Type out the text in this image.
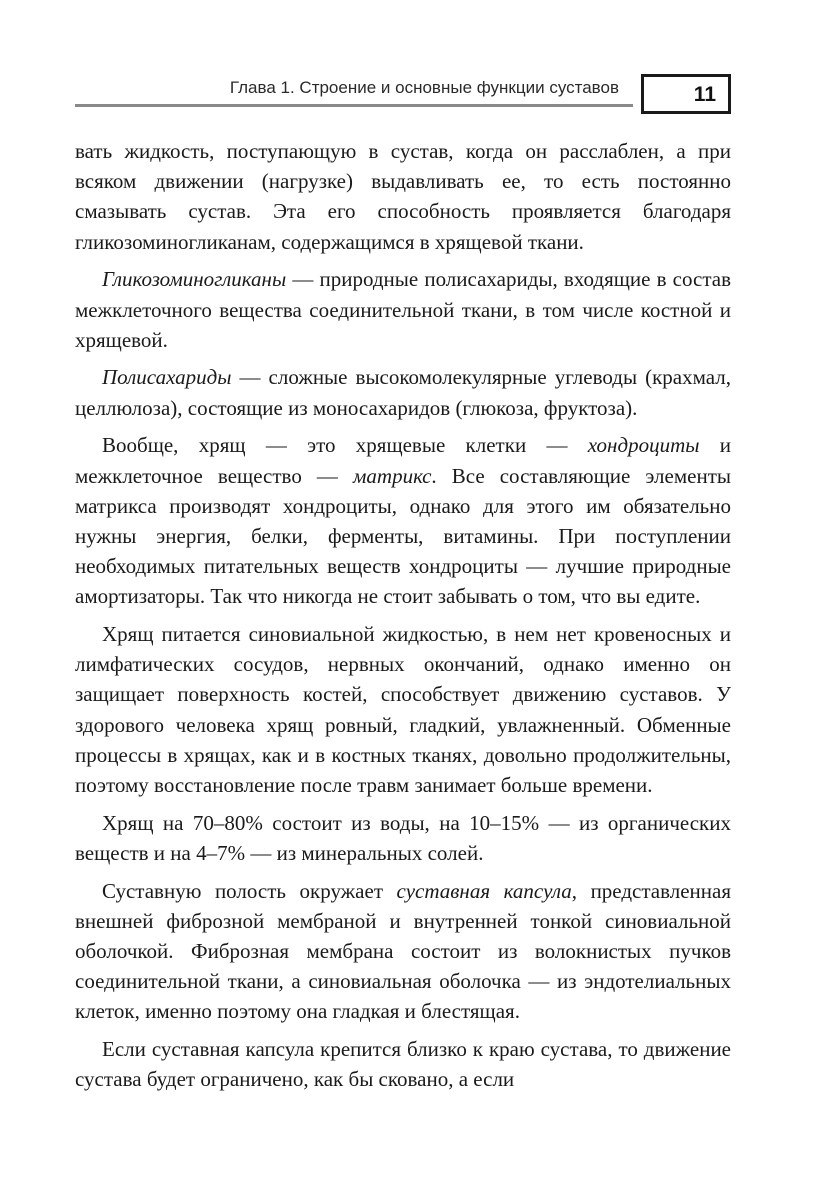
Глава 1. Строение и основные функции суставов	11

вать жидкость, поступающую в сустав, когда он расслаблен, а при всяком движении (нагрузке) выдавливать ее, то есть постоянно смазывать сустав. Эта его способность проявляется благодаря гликозоминогликанам, содержащимся в хрящевой ткани.

Гликозоминогликаны — природные полисахариды, входящие в состав межклеточного вещества соединительной ткани, в том числе костной и хрящевой.

Полисахариды — сложные высокомолекулярные углеводы (крахмал, целлюлоза), состоящие из моносахаридов (глюкоза, фруктоза).

Вообще, хрящ — это хрящевые клетки — хондроциты и межклеточное вещество — матрикс. Все составляющие элементы матрикса производят хондроциты, однако для этого им обязательно нужны энергия, белки, ферменты, витамины. При поступлении необходимых питательных веществ хондроциты — лучшие природные амортизаторы. Так что никогда не стоит забывать о том, что вы едите.

Хрящ питается синовиальной жидкостью, в нем нет кровеносных и лимфатических сосудов, нервных окончаний, однако именно он защищает поверхность костей, способствует движению суставов. У здорового человека хрящ ровный, гладкий, увлажненный. Обменные процессы в хрящах, как и в костных тканях, довольно продолжительны, поэтому восстановление после травм занимает больше времени.

Хрящ на 70–80% состоит из воды, на 10–15% — из органических веществ и на 4–7% — из минеральных солей.

Суставную полость окружает суставная капсула, представленная внешней фиброзной мембраной и внутренней тонкой синовиальной оболочкой. Фиброзная мембрана состоит из волокнистых пучков соединительной ткани, а синовиальная оболочка — из эндотелиальных клеток, именно поэтому она гладкая и блестящая.

Если суставная капсула крепится близко к краю сустава, то движение сустава будет ограничено, как бы сковано, а если
